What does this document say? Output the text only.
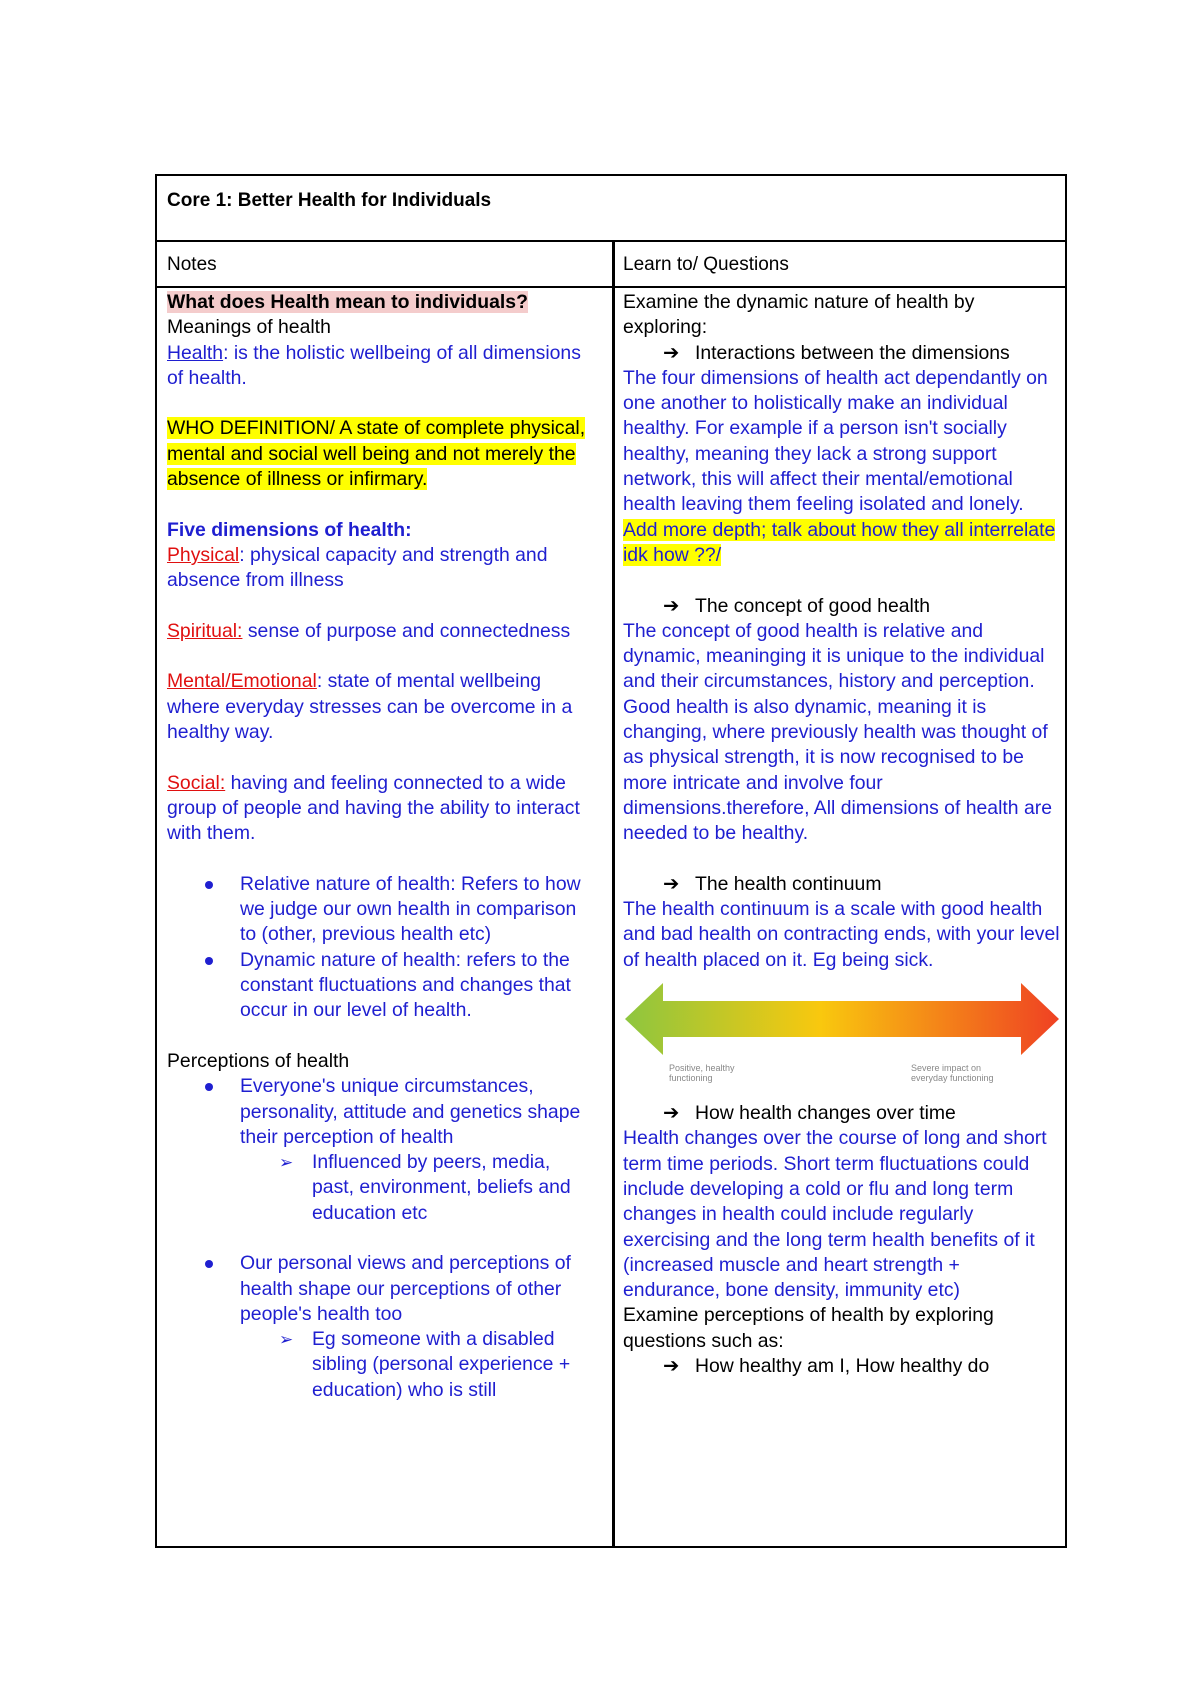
Core 1: Better Health for Individuals
Notes	Learn to/ Questions

What does Health mean to individuals?

Meanings of health

Health: is the holistic wellbeing of all dimensions of health.

WHO DEFINITION/ A state of complete physical, mental and social well being and not merely the absence of illness or infirmary.

Five dimensions of health:

Physical: physical capacity and strength and absence from illness

Spiritual: sense of purpose and connectedness

Mental/Emotional: state of mental wellbeing where everyday stresses can be overcome in a healthy way.

Social: having and feeling connected to a wide group of people and having the ability to interact with them.

Relative nature of health: Refers to how we judge our own health in comparison to (other, previous health etc)

Dynamic nature of health: refers to the constant fluctuations and changes that occur in our level of health.

Perceptions of health

Everyone's unique circumstances, personality, attitude and genetics shape their perception of health

➢ Influenced by peers, media, past, environment, beliefs and education etc

Our personal views and perceptions of health shape our perceptions of other people's health too

➢ Eg someone with a disabled sibling (personal experience + education) who is still

Examine the dynamic nature of health by exploring:

➔ Interactions between the dimensions

The four dimensions of health act dependantly on one another to holistically make an individual healthy. For example if a person isn't socially healthy, meaning they lack a strong support network, this will affect their mental/emotional health leaving them feeling isolated and lonely.

Add more depth; talk about how they all interrelate idk how ??/

➔ The concept of good health

The concept of good health is relative and dynamic, meaninging it is unique to the individual and their circumstances, history and perception. Good health is also dynamic, meaning it is changing, where previously health was thought of as physical strength, it is now recognised to be more intricate and involve four dimensions.therefore, All dimensions of health are needed to be healthy.

➔ The health continuum

The health continuum is a scale with good health and bad health on contracting ends, with your level of health placed on it. Eg being sick.

Positive, healthy functioning
Severe impact on everyday functioning

➔ How health changes over time

Health changes over the course of long and short term time periods. Short term fluctuations could include developing a cold or flu and long term changes in health could include regularly exercising and the long term health benefits of it (increased muscle and heart strength + endurance, bone density, immunity etc)

Examine perceptions of health by exploring questions such as:

➔ How healthy am I, How healthy do
